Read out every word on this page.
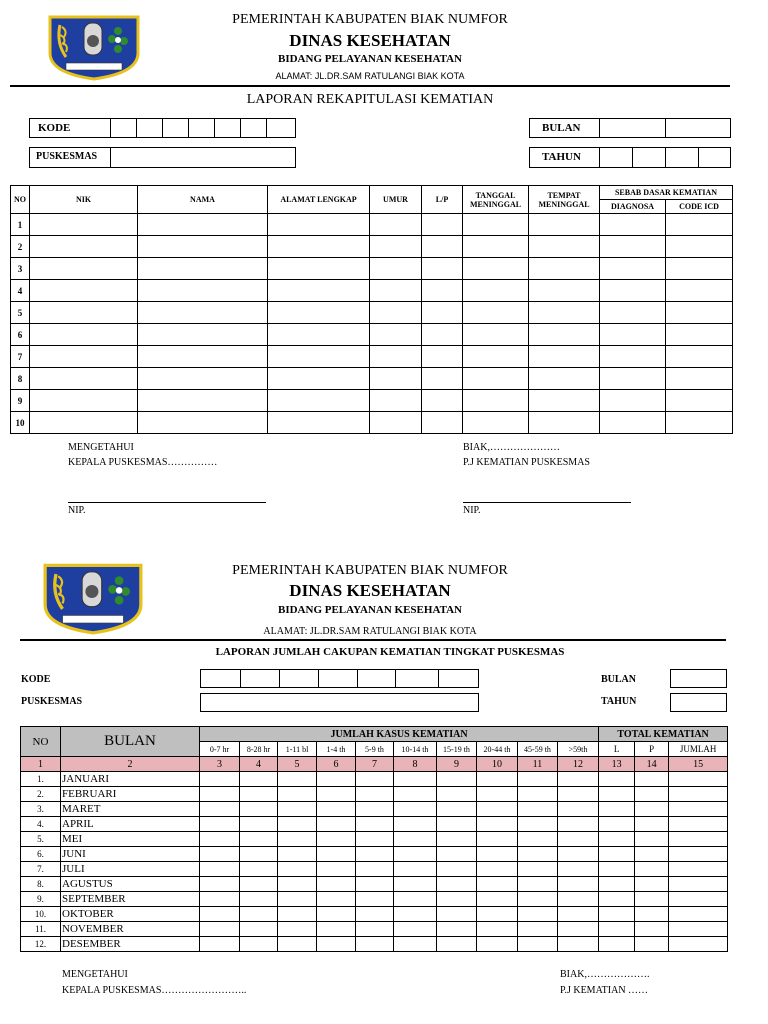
PEMERINTAH KABUPATEN BIAK NUMFOR
DINAS KESEHATAN
BIDANG PELAYANAN KESEHATAN
ALAMAT: JL.DR.SAM RATULANGI BIAK KOTA
LAPORAN REKAPITULASI KEMATIAN
KODE
PUSKESMAS
BULAN
TAHUN
NO	NIK	NAMA	ALAMAT LENGKAP	UMUR	L/P	TANGGAL MENINGGAL	TEMPAT MENINGGAL	SEBAB DASAR KEMATIAN	
								DIAGNOSA	CODE ICD
1									
2									
3									
4									
5									
6									
7									
8									
9									
10									
MENGETAHUI
KEPALA PUSKESMAS……………
NIP.
BIAK,…………………
P.J KEMATIAN PUSKESMAS
NIP.
PEMERINTAH KABUPATEN BIAK NUMFOR
DINAS KESEHATAN
BIDANG PELAYANAN KESEHATAN
ALAMAT: JL.DR.SAM RATULANGI BIAK KOTA
LAPORAN JUMLAH CAKUPAN KEMATIAN TINGKAT PUSKESMAS
KODE
PUSKESMAS
BULAN
TAHUN
NO	BULAN	JUMLAH KASUS KEMATIAN										TOTAL KEMATIAN		
		0-7 hr	8-28 hr	1-11 bl	1-4 th	5-9 th	10-14 th	15-19 th	20-44 th	45-59 th	>59th	L	P	JUMLAH
1	2	3	4	5	6	7	8	9	10	11	12	13	14	15
1.	JANUARI													
2.	FEBRUARI													
3.	MARET													
4.	APRIL													
5.	MEI													
6.	JUNI													
7.	JULI													
8.	AGUSTUS													
9.	SEPTEMBER													
10.	OKTOBER													
11.	NOVEMBER													
12.	DESEMBER													
MENGETAHUI
KEPALA PUSKESMAS……………………..
BIAK,……………….
P.J KEMATIAN ……
